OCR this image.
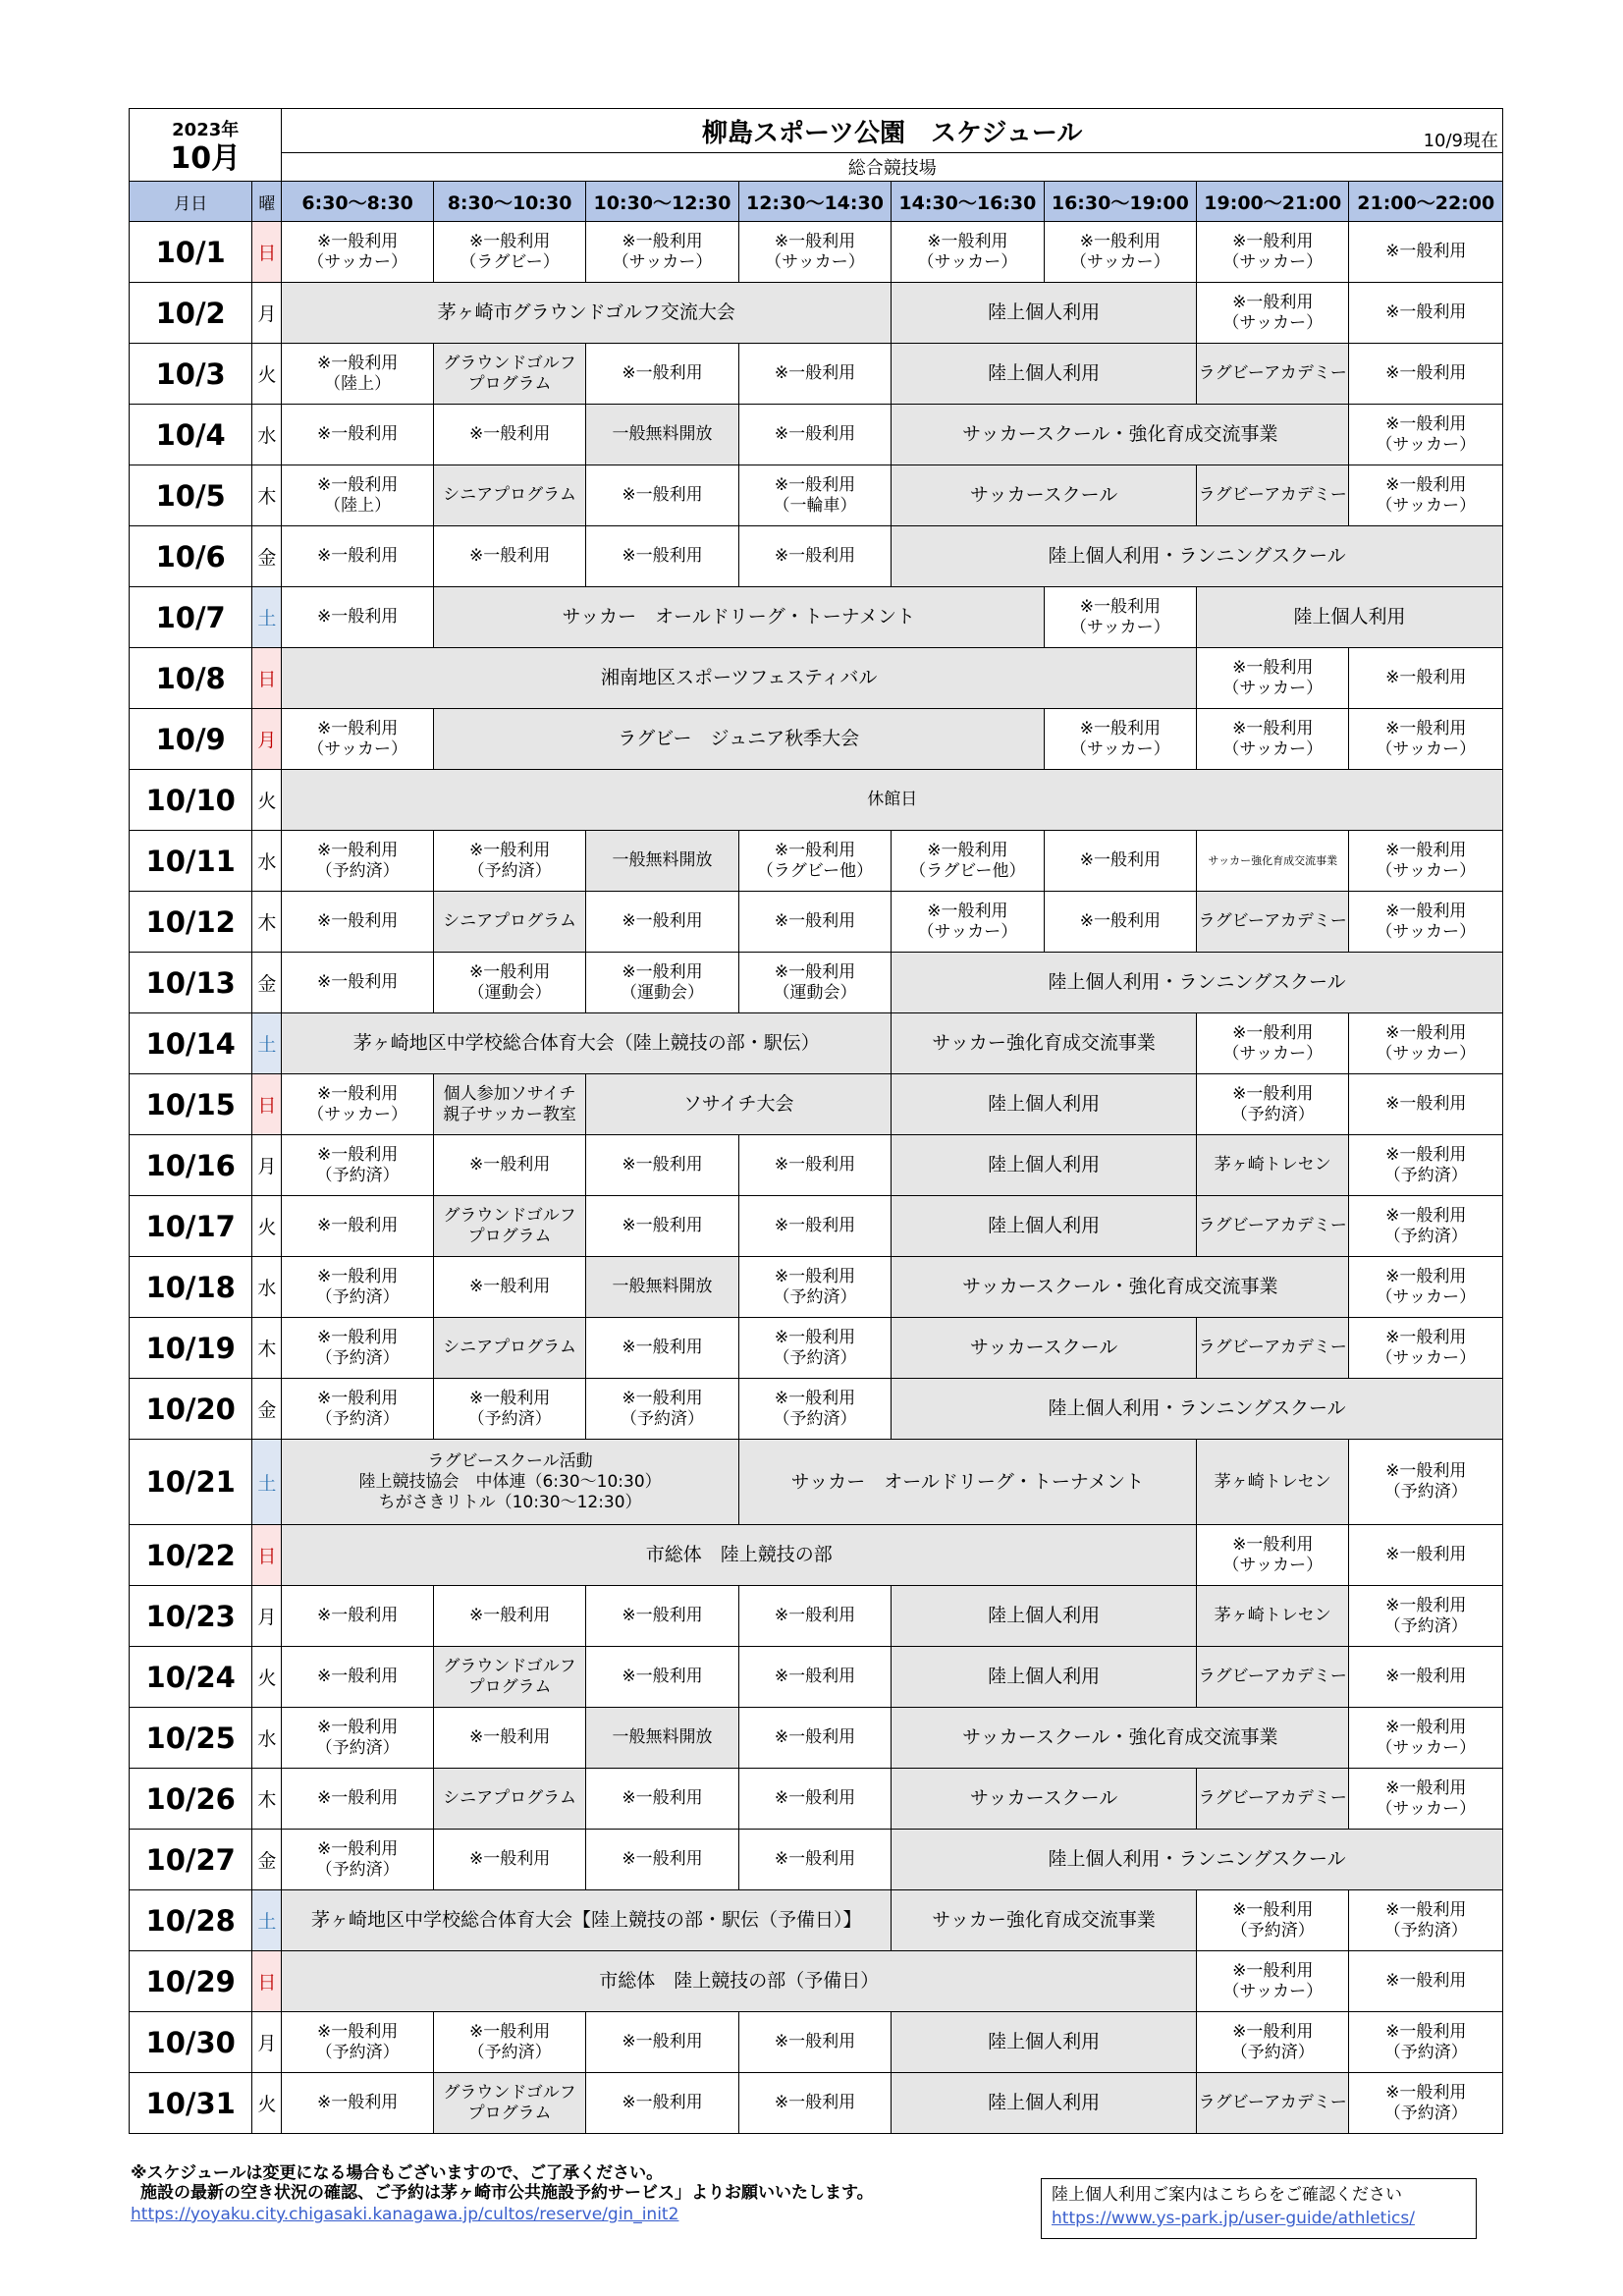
2023年
10月		柳島スポーツ公園　スケジュール 10/9現在							

		総合競技場							
月日	曜	6:30～8:30	8:30～10:30	10:30～12:30	12:30～14:30	14:30～16:30	16:30～19:00	19:00～21:00	21:00～22:00
10/1	日	※一般利用
（サッカー）	※一般利用
（ラグビー）	※一般利用
（サッカー）	※一般利用
（サッカー）	※一般利用
（サッカー）	※一般利用
（サッカー）	※一般利用
（サッカー）	※一般利用

10/2	月	茅ヶ崎市グラウンドゴルフ交流大会				陸上個人利用		※一般利用
（サッカー）	※一般利用

10/3	火	※一般利用
（陸上）	グラウンドゴルフ
プログラム	※一般利用	※一般利用	陸上個人利用		ラグビーアカデミー	※一般利用

10/4	水	※一般利用	※一般利用	一般無料開放	※一般利用	サッカースクール・強化育成交流事業			※一般利用
（サッカー）

10/5	木	※一般利用
（陸上）	シニアプログラム	※一般利用	※一般利用
（一輪車）	サッカースクール		ラグビーアカデミー	※一般利用
（サッカー）

10/6	金	※一般利用	※一般利用	※一般利用	※一般利用	陸上個人利用・ランニングスクール			

10/7	土	※一般利用	サッカー　オールドリーグ・トーナメント				※一般利用
（サッカー）	陸上個人利用	

10/8	日	湘南地区スポーツフェスティバル						※一般利用
（サッカー）	※一般利用

10/9	月	※一般利用
（サッカー）	ラグビー　ジュニア秋季大会				※一般利用
（サッカー）	※一般利用
（サッカー）	※一般利用
（サッカー）

10/10	火	休館日							

10/11	水	※一般利用
（予約済）	※一般利用
（予約済）	一般無料開放	※一般利用
（ラグビー他）	※一般利用
（ラグビー他）	※一般利用	サッカー強化育成交流事業	※一般利用
（サッカー）

10/12	木	※一般利用	シニアプログラム	※一般利用	※一般利用	※一般利用
（サッカー）	※一般利用	ラグビーアカデミー	※一般利用
（サッカー）

10/13	金	※一般利用	※一般利用
（運動会）	※一般利用
（運動会）	※一般利用
（運動会）	陸上個人利用・ランニングスクール			

10/14	土	茅ヶ崎地区中学校総合体育大会（陸上競技の部・駅伝）				サッカー強化育成交流事業		※一般利用
（サッカー）	※一般利用
（サッカー）

10/15	日	※一般利用
（サッカー）	個人参加ソサイチ
親子サッカー教室	ソサイチ大会		陸上個人利用		※一般利用
（予約済）	※一般利用

10/16	月	※一般利用
（予約済）	※一般利用	※一般利用	※一般利用	陸上個人利用		茅ヶ崎トレセン	※一般利用
（予約済）

10/17	火	※一般利用	グラウンドゴルフ
プログラム	※一般利用	※一般利用	陸上個人利用		ラグビーアカデミー	※一般利用
（予約済）

10/18	水	※一般利用
（予約済）	※一般利用	一般無料開放	※一般利用
（予約済）	サッカースクール・強化育成交流事業			※一般利用
（サッカー）

10/19	木	※一般利用
（予約済）	シニアプログラム	※一般利用	※一般利用
（予約済）	サッカースクール		ラグビーアカデミー	※一般利用
（サッカー）

10/20	金	※一般利用
（予約済）	※一般利用
（予約済）	※一般利用
（予約済）	※一般利用
（予約済）	陸上個人利用・ランニングスクール			

10/21	土	ラグビースクール活動
陸上競技協会　中体連（6:30～10:30）
ちがさきリトル（10:30～12:30）			サッカー　オールドリーグ・トーナメント			茅ヶ崎トレセン	※一般利用
（予約済）

10/22	日	市総体　陸上競技の部						※一般利用
（サッカー）	※一般利用

10/23	月	※一般利用	※一般利用	※一般利用	※一般利用	陸上個人利用		茅ヶ崎トレセン	※一般利用
（予約済）

10/24	火	※一般利用	グラウンドゴルフ
プログラム	※一般利用	※一般利用	陸上個人利用		ラグビーアカデミー	※一般利用

10/25	水	※一般利用
（予約済）	※一般利用	一般無料開放	※一般利用	サッカースクール・強化育成交流事業			※一般利用
（サッカー）

10/26	木	※一般利用	シニアプログラム	※一般利用	※一般利用	サッカースクール		ラグビーアカデミー	※一般利用
（サッカー）

10/27	金	※一般利用
（予約済）	※一般利用	※一般利用	※一般利用	陸上個人利用・ランニングスクール			

10/28	土	茅ヶ崎地区中学校総合体育大会【陸上競技の部・駅伝（予備日）】				サッカー強化育成交流事業		※一般利用
（予約済）	※一般利用
（予約済）

10/29	日	市総体　陸上競技の部（予備日）						※一般利用
（サッカー）	※一般利用

10/30	月	※一般利用
（予約済）	※一般利用
（予約済）	※一般利用	※一般利用	陸上個人利用		※一般利用
（予約済）	※一般利用
（予約済）

10/31	火	※一般利用	グラウンドゴルフ
プログラム	※一般利用	※一般利用	陸上個人利用		ラグビーアカデミー	※一般利用
（予約済）
※スケジュールは変更になる場合もございますので、ご了承ください。
施設の最新の空き状況の確認、ご予約は茅ヶ崎市公共施設予約サービス」よりお願いいたします。
https://yoyaku.city.chigasaki.kanagawa.jp/cultos/reserve/gin_init2
陸上個人利用ご案内はこちらをご確認ください
https://www.ys-park.jp/user-guide/athletics/
